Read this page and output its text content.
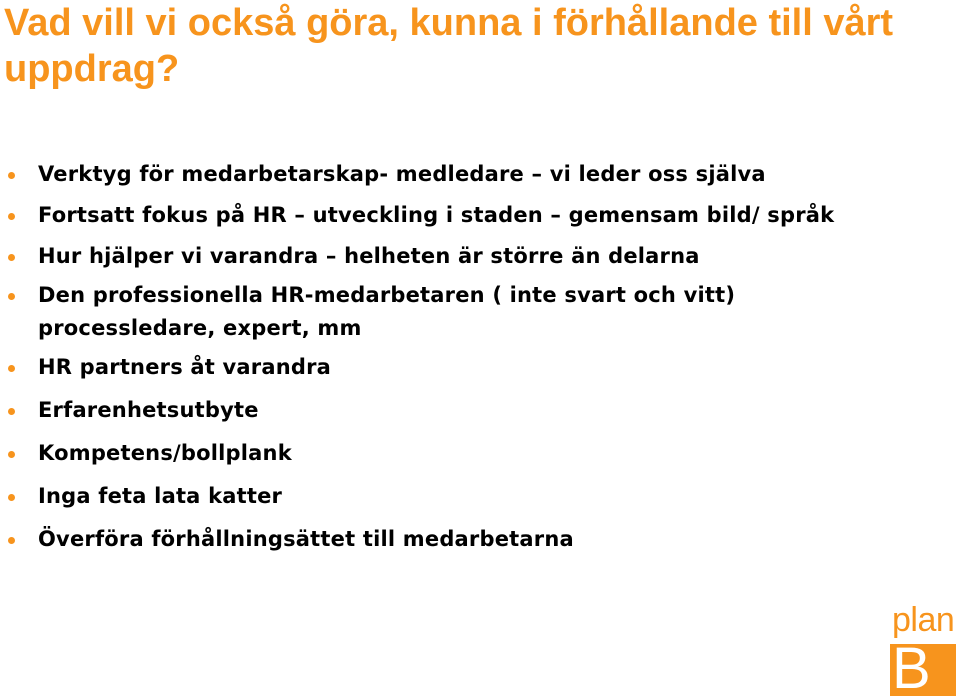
Vad vill vi också göra, kunna i förhållande till vårt uppdrag?
Verktyg för medarbetarskap- medledare – vi leder oss själva
Fortsatt fokus på HR – utveckling i staden – gemensam bild/ språk
Hur hjälper vi varandra – helheten är större än delarna
Den professionella HR-medarbetaren ( inte svart och vitt) processledare, expert, mm
HR partners åt varandra
Erfarenhetsutbyte
Kompetens/bollplank
Inga feta lata katter
Överföra förhållningsättet till medarbetarna
plan
B
